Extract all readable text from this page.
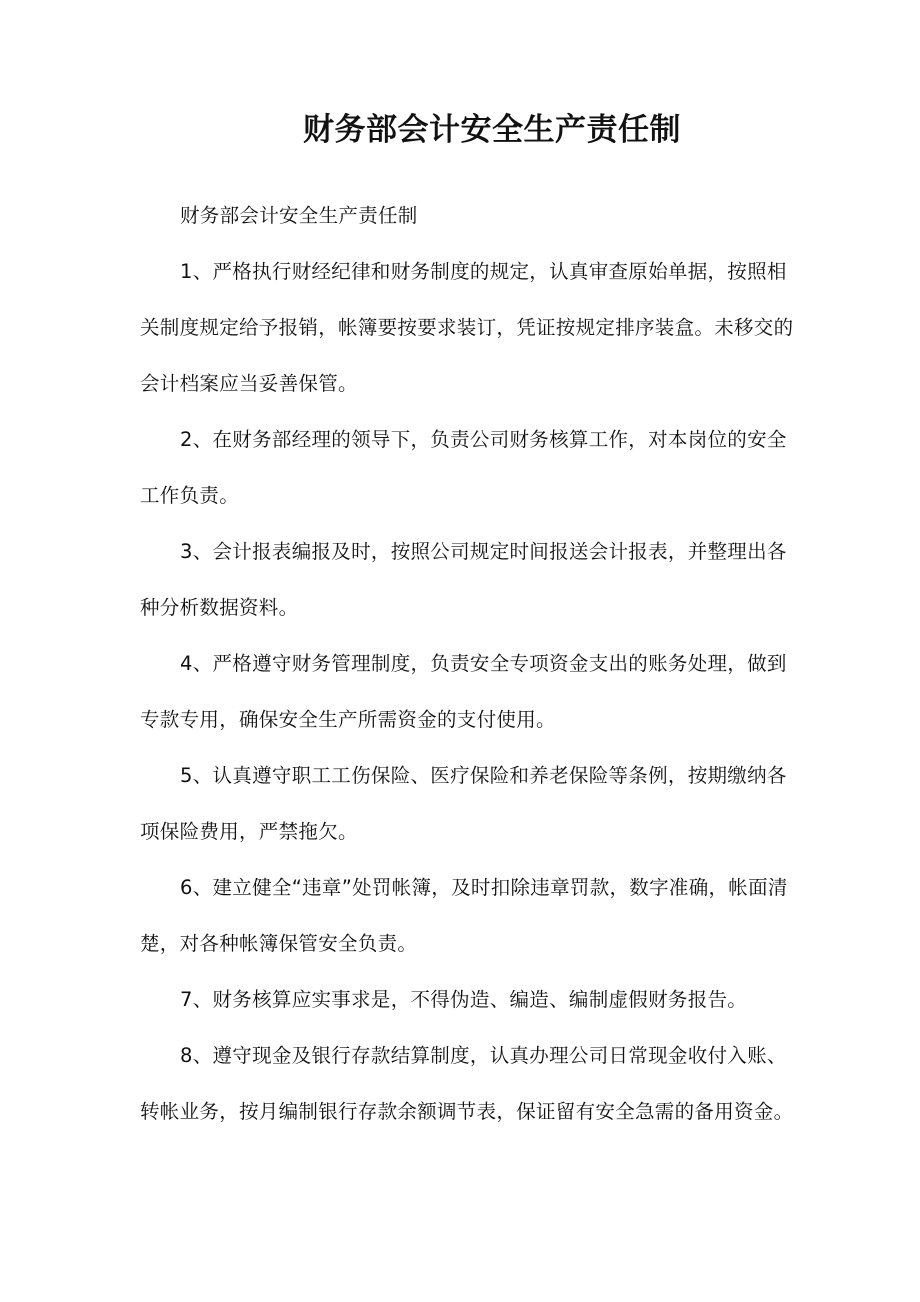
财务部会计安全生产责任制

财务部会计安全生产责任制

1、严格执行财经纪律和财务制度的规定，认真审查原始单据，按照相关制度规定给予报销，帐簿要按要求装订，凭证按规定排序装盒。未移交的会计档案应当妥善保管。

2、在财务部经理的领导下，负责公司财务核算工作，对本岗位的安全工作负责。

3、会计报表编报及时，按照公司规定时间报送会计报表，并整理出各种分析数据资料。

4、严格遵守财务管理制度，负责安全专项资金支出的账务处理，做到专款专用，确保安全生产所需资金的支付使用。

5、认真遵守职工工伤保险、医疗保险和养老保险等条例，按期缴纳各项保险费用，严禁拖欠。

6、建立健全“违章”处罚帐簿，及时扣除违章罚款，数字准确，帐面清楚，对各种帐簿保管安全负责。

7、财务核算应实事求是，不得伪造、编造、编制虚假财务报告。

8、遵守现金及银行存款结算制度，认真办理公司日常现金收付入账、转帐业务，按月编制银行存款余额调节表，保证留有安全急需的备用资金。
